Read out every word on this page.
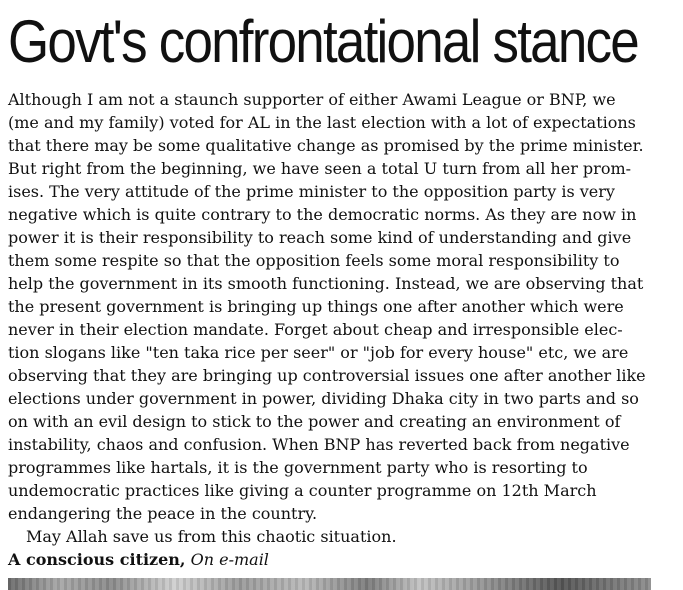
Govt's confrontational stance
Although I am not a staunch supporter of either Awami League or BNP, we
(me and my family) voted for AL in the last election with a lot of expectations
that there may be some qualitative change as promised by the prime minister.
But right from the beginning, we have seen a total U turn from all her prom-
ises. The very attitude of the prime minister to the opposition party is very
negative which is quite contrary to the democratic norms. As they are now in
power it is their responsibility to reach some kind of understanding and give
them some respite so that the opposition feels some moral responsibility to
help the government in its smooth functioning. Instead, we are observing that
the present government is bringing up things one after another which were
never in their election mandate. Forget about cheap and irresponsible elec-
tion slogans like "ten taka rice per seer" or "job for every house" etc, we are
observing that they are bringing up controversial issues one after another like
elections under government in power, dividing Dhaka city in two parts and so
on with an evil design to stick to the power and creating an environment of
instability, chaos and confusion. When BNP has reverted back from negative
programmes like hartals, it is the government party who is resorting to
undemocratic practices like giving a counter programme on 12th March
endangering the peace in the country.
May Allah save us from this chaotic situation.
A conscious citizen, On e-mail
